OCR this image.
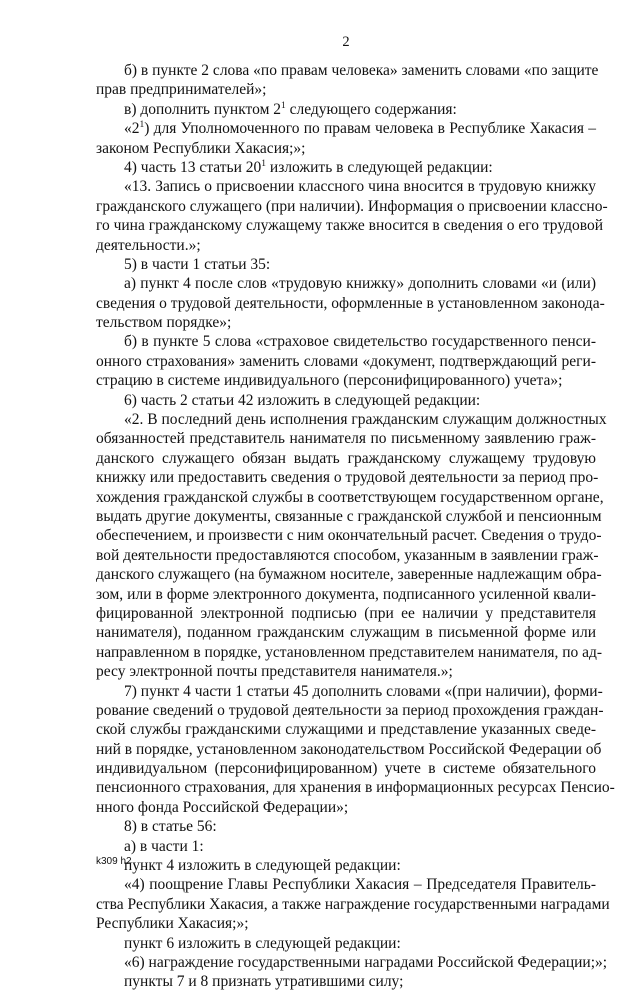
2
б) в пункте 2 слова «по правам человека» заменить словами «по защите
прав предпринимателей»;
в) дополнить пунктом $2^1$ следующего содержания:
«$2^1$) для Уполномоченного по правам человека в Республике Хакасия –
законом Республики Хакасия;»;
4) часть 13 статьи $20^1$ изложить в следующей редакции:
«13. Запись о присвоении классного чина вносится в трудовую книжку
гражданского служащего (при наличии). Информация о присвоении классно-
го чина гражданскому служащему также вносится в сведения о его трудовой
деятельности.»;
5) в части 1 статьи 35:
а) пункт 4 после слов «трудовую книжку» дополнить словами «и (или)
сведения о трудовой деятельности, оформленные в установленном законода-
тельством порядке»;
б) в пункте 5 слова «страховое свидетельство государственного пенси-
онного страхования» заменить словами «документ, подтверждающий реги-
страцию в системе индивидуального (персонифицированного) учета»;
6) часть 2 статьи 42 изложить в следующей редакции:
«2. В последний день исполнения гражданским служащим должностных
обязанностей представитель нанимателя по письменному заявлению граж-
данского служащего обязан выдать гражданскому служащему трудовую
книжку или предоставить сведения о трудовой деятельности за период про-
хождения гражданской службы в соответствующем государственном органе,
выдать другие документы, связанные с гражданской службой и пенсионным
обеспечением, и произвести с ним окончательный расчет. Сведения о трудо-
вой деятельности предоставляются способом, указанным в заявлении граж-
данского служащего (на бумажном носителе, заверенные надлежащим обра-
зом, или в форме электронного документа, подписанного усиленной квали-
фицированной электронной подписью (при ее наличии у представителя
нанимателя), поданном гражданским служащим в письменной форме или
направленном в порядке, установленном представителем нанимателя, по ад-
ресу электронной почты представителя нанимателя.»;
7) пункт 4 части 1 статьи 45 дополнить словами «(при наличии), форми-
рование сведений о трудовой деятельности за период прохождения граждан-
ской службы гражданскими служащими и представление указанных сведе-
ний в порядке, установленном законодательством Российской Федерации об
индивидуальном (персонифицированном) учете в системе обязательного
пенсионного страхования, для хранения в информационных ресурсах Пенсио-
нного фонда Российской Федерации»;
8) в статье 56:
а) в части 1:
пункт 4 изложить в следующей редакции:
«4) поощрение Главы Республики Хакасия – Председателя Правитель-
ства Республики Хакасия, а также награждение государственными наградами
Республики Хакасия;»;
пункт 6 изложить в следующей редакции:
«6) награждение государственными наградами Российской Федерации;»;
пункты 7 и 8 признать утратившими силу;
k309 h2
